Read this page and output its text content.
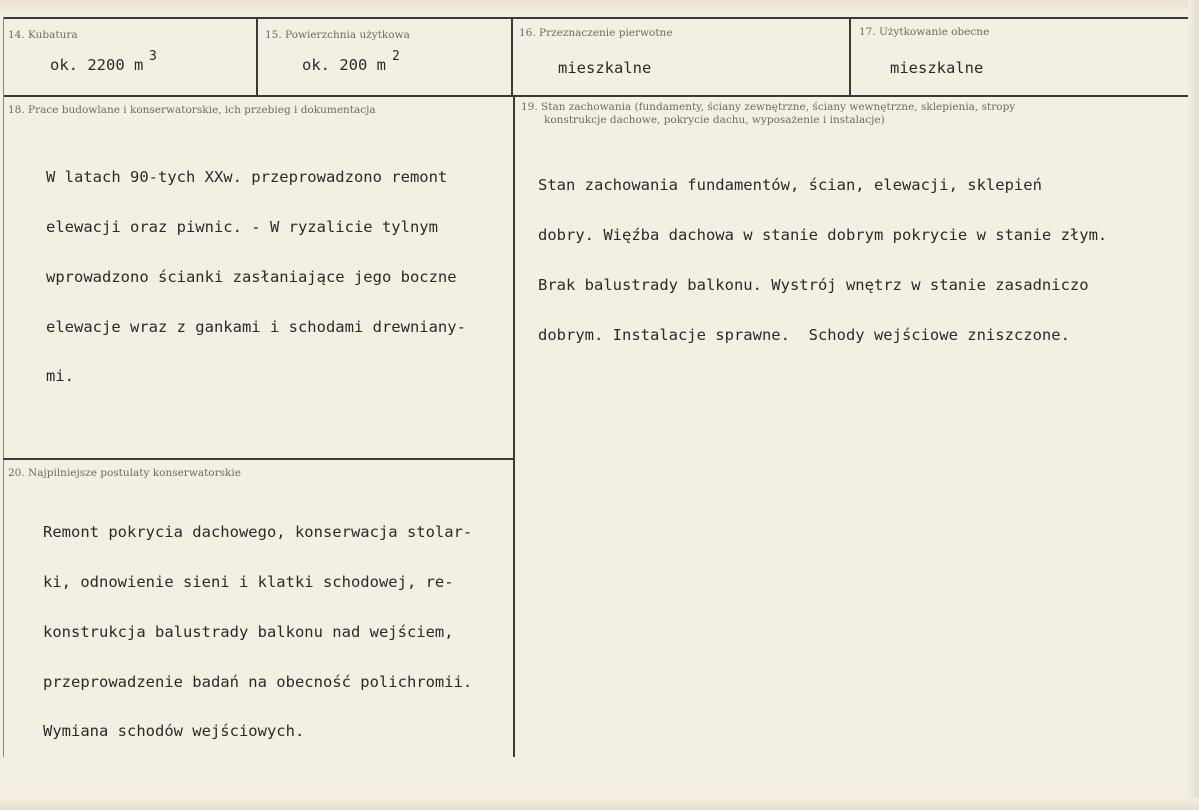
14. Kubatura
ok. 2200 m 3
15. Powierzchnia użytkowa
ok. 200 m 2
16. Przeznaczenie pierwotne
mieszkalne
17. Użytkowanie obecne
mieszkalne
18. Prace budowlane i konserwatorskie, ich przebieg i dokumentacja

W latach 90-tych XXw. przeprowadzono remont

elewacji oraz piwnic. - W ryzalicie tylnym

wprowadzono ścianki zasłaniające jego boczne

elewacje wraz z gankami i schodami drewniany-

mi.

19. Stan zachowania (fundamenty, ściany zewnętrzne, ściany wewnętrzne, sklepienia, stropy
konstrukcje dachowe, pokrycie dachu, wyposażenie i instalacje)

Stan zachowania fundamentów, ścian, elewacji, sklepień

dobry. Więźba dachowa w stanie dobrym pokrycie w stanie złym.

Brak balustrady balkonu. Wystrój wnętrz w stanie zasadniczo

dobrym. Instalacje sprawne.  Schody wejściowe zniszczone.

20. Najpilniejsze postulaty konserwatorskie

Remont pokrycia dachowego, konserwacja stolar-

ki, odnowienie sieni i klatki schodowej, re-

konstrukcja balustrady balkonu nad wejściem,

przeprowadzenie badań na obecność polichromii.

Wymiana schodów wejściowych.
